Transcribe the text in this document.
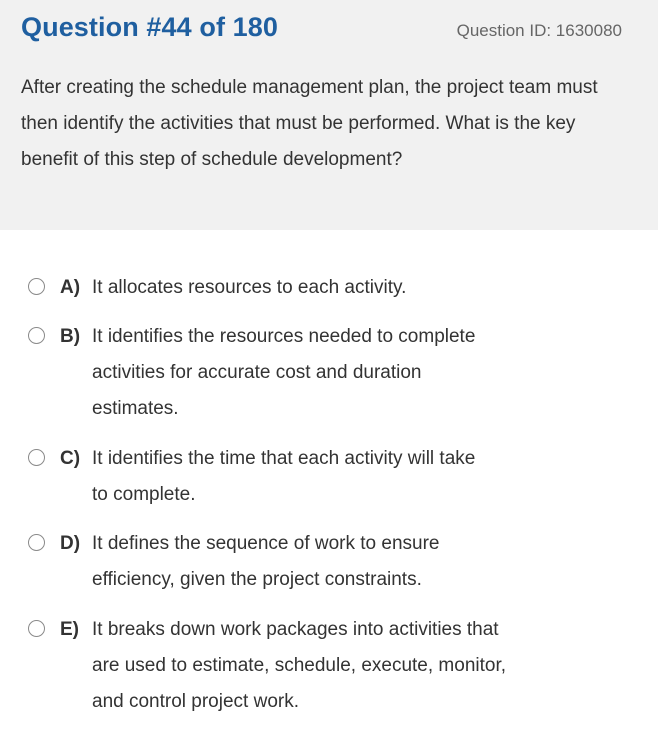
Question #44 of 180	Question ID: 1630080
After creating the schedule management plan, the project team must then identify the activities that must be performed. What is the key benefit of this step of schedule development?
A) It allocates resources to each activity.
B) It identifies the resources needed to complete activities for accurate cost and duration estimates.
C) It identifies the time that each activity will take to complete.
D) It defines the sequence of work to ensure efficiency, given the project constraints.
E) It breaks down work packages into activities that are used to estimate, schedule, execute, monitor, and control project work.
